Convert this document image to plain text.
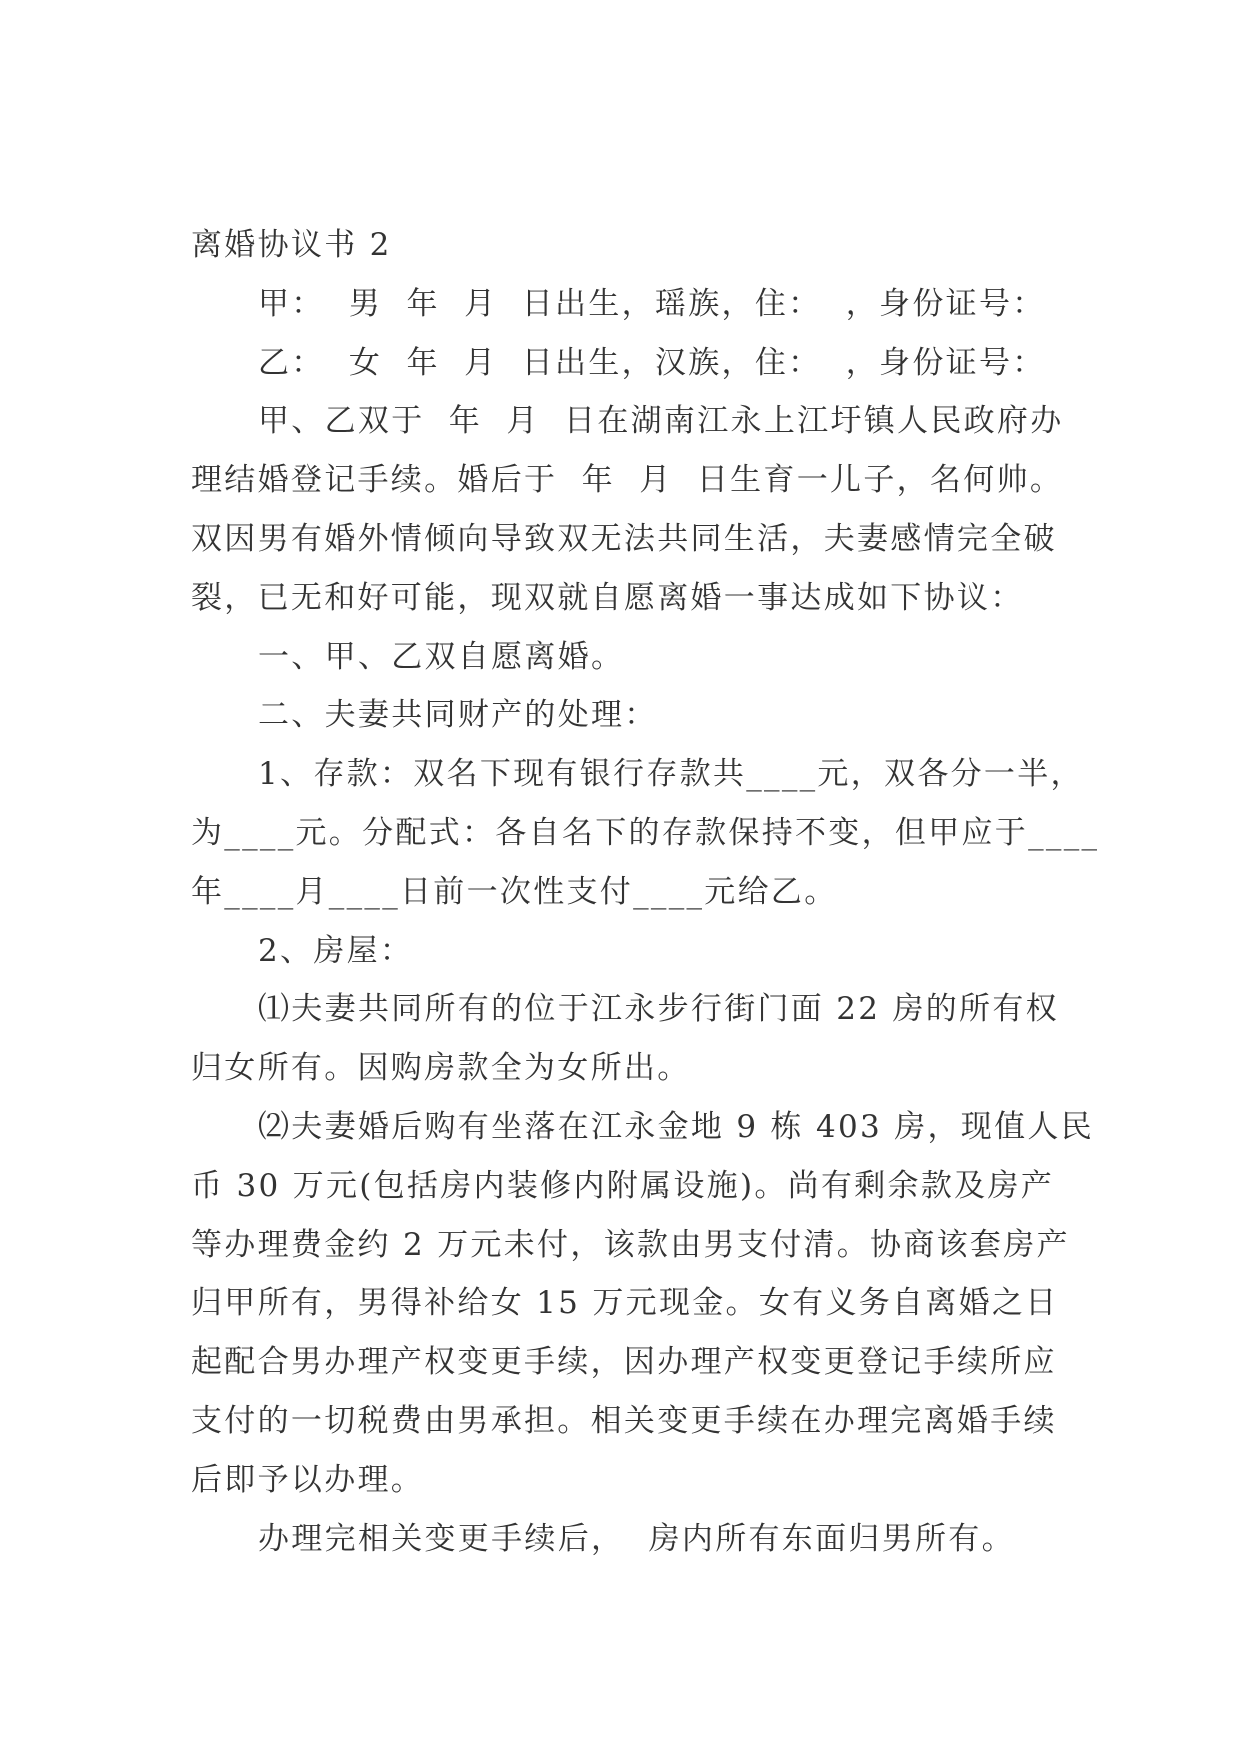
离婚协议书 2
甲：  男  年  月  日出生，瑶族，住：  ，身份证号：
乙：  女  年  月  日出生，汉族，住：  ，身份证号：
甲、乙双于  年  月  日在湖南江永上江圩镇人民政府办
理结婚登记手续。婚后于  年  月  日生育一儿子，名何帅。
双因男有婚外情倾向导致双无法共同生活，夫妻感情完全破
裂，已无和好可能，现双就自愿离婚一事达成如下协议：
一、甲、乙双自愿离婚。
二、夫妻共同财产的处理：
1、存款：双名下现有银行存款共____元，双各分一半，
为____元。分配式：各自名下的存款保持不变，但甲应于____
年____月____日前一次性支付____元给乙。
2、房屋：
⑴夫妻共同所有的位于江永步行街门面 22 房的所有权
归女所有。因购房款全为女所出。
⑵夫妻婚后购有坐落在江永金地 9 栋 403 房，现值人民
币 30 万元(包括房内装修内附属设施)。尚有剩余款及房产
等办理费金约 2 万元未付，该款由男支付清。协商该套房产
归甲所有，男得补给女 15 万元现金。女有义务自离婚之日
起配合男办理产权变更手续，因办理产权变更登记手续所应
支付的一切税费由男承担。相关变更手续在办理完离婚手续
后即予以办理。
办理完相关变更手续后，  房内所有东面归男所有。
